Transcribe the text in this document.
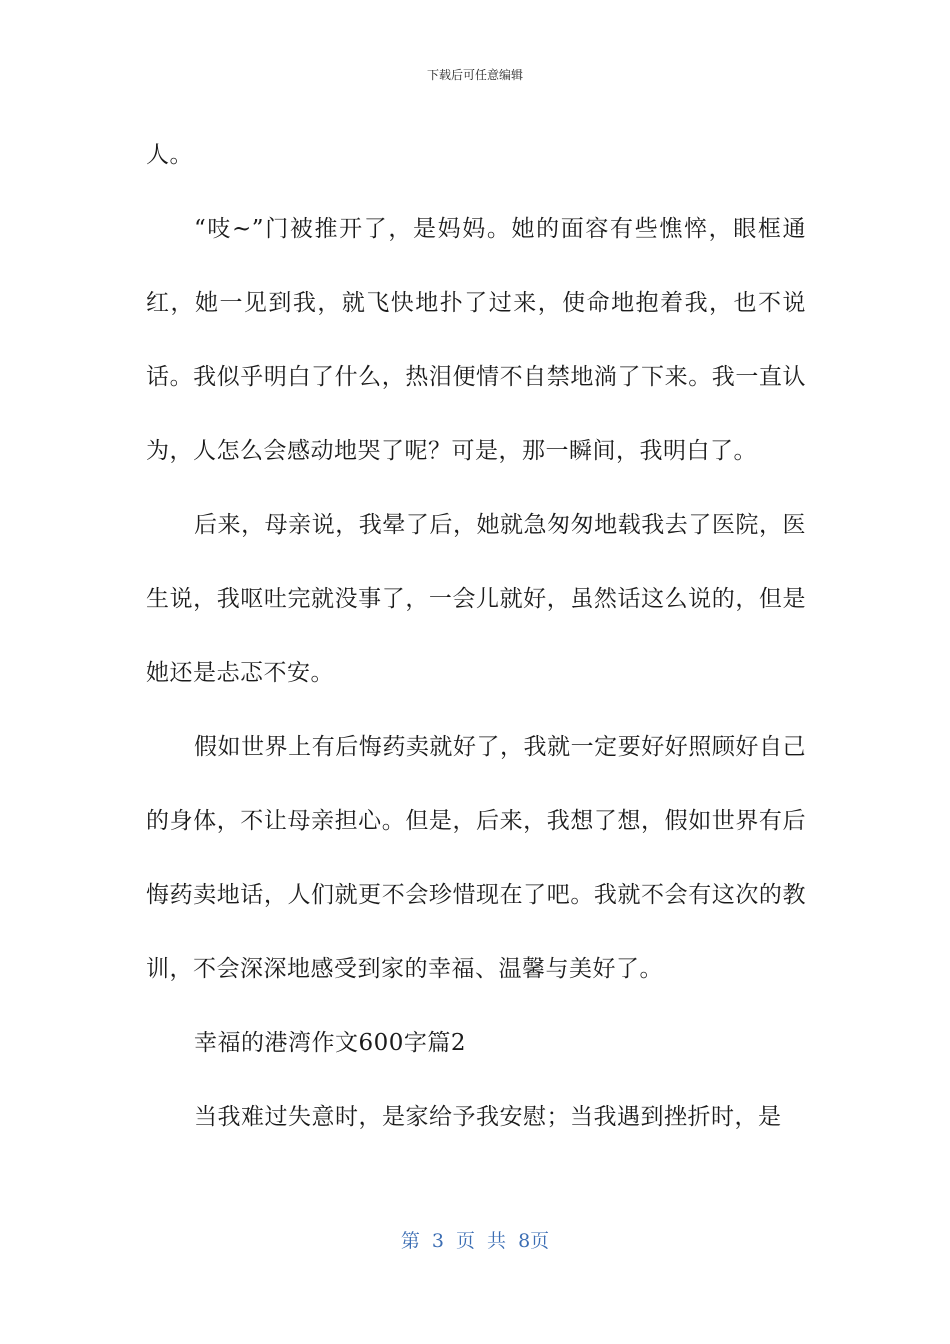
下载后可任意编辑

人。

“吱~”门被推开了，是妈妈。她的面容有些憔悴，眼框通红，她一见到我，就飞快地扑了过来，使命地抱着我，也不说话。我似乎明白了什么，热泪便情不自禁地淌了下来。我一直认为，人怎么会感动地哭了呢？可是，那一瞬间，我明白了。

后来，母亲说，我晕了后，她就急匆匆地载我去了医院，医生说，我呕吐完就没事了，一会儿就好，虽然话这么说的，但是她还是忐忑不安。

假如世界上有后悔药卖就好了，我就一定要好好照顾好自己的身体，不让母亲担心。但是，后来，我想了想，假如世界有后悔药卖地话，人们就更不会珍惜现在了吧。我就不会有这次的教训，不会深深地感受到家的幸福、温馨与美好了。

幸福的港湾作文600字篇2

当我难过失意时，是家给予我安慰；当我遇到挫折时，是

第 3 页 共 8页
